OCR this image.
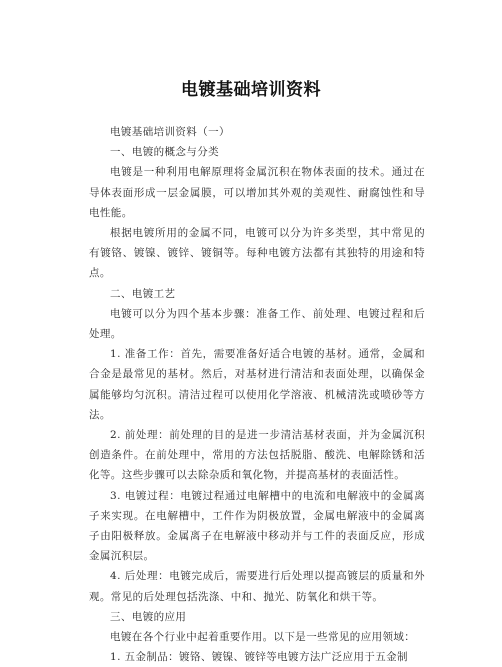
电镀基础培训资料

电镀基础培训资料（一）

一、电镀的概念与分类

电镀是一种利用电解原理将金属沉积在物体表面的技术。通过在导体表面形成一层金属膜，可以增加其外观的美观性、耐腐蚀性和导电性能。

根据电镀所用的金属不同，电镀可以分为许多类型，其中常见的有镀铬、镀镍、镀锌、镀铜等。每种电镀方法都有其独特的用途和特点。

二、电镀工艺

电镀可以分为四个基本步骤：准备工作、前处理、电镀过程和后处理。

1. 准备工作：首先，需要准备好适合电镀的基材。通常，金属和合金是最常见的基材。然后，对基材进行清洁和表面处理，以确保金属能够均匀沉积。清洁过程可以使用化学溶液、机械清洗或喷砂等方法。

2. 前处理：前处理的目的是进一步清洁基材表面，并为金属沉积创造条件。在前处理中，常用的方法包括脱脂、酸洗、电解除锈和活化等。这些步骤可以去除杂质和氧化物，并提高基材的表面活性。

3. 电镀过程：电镀过程通过电解槽中的电流和电解液中的金属离子来实现。在电解槽中，工件作为阴极放置，金属电解液中的金属离子由阳极释放。金属离子在电解液中移动并与工件的表面反应，形成金属沉积层。

4. 后处理：电镀完成后，需要进行后处理以提高镀层的质量和外观。常见的后处理包括洗涤、中和、抛光、防氧化和烘干等。

三、电镀的应用

电镀在各个行业中起着重要作用。以下是一些常见的应用领域：

1. 五金制品：镀铬、镀镍、镀锌等电镀方法广泛应用于五金制
